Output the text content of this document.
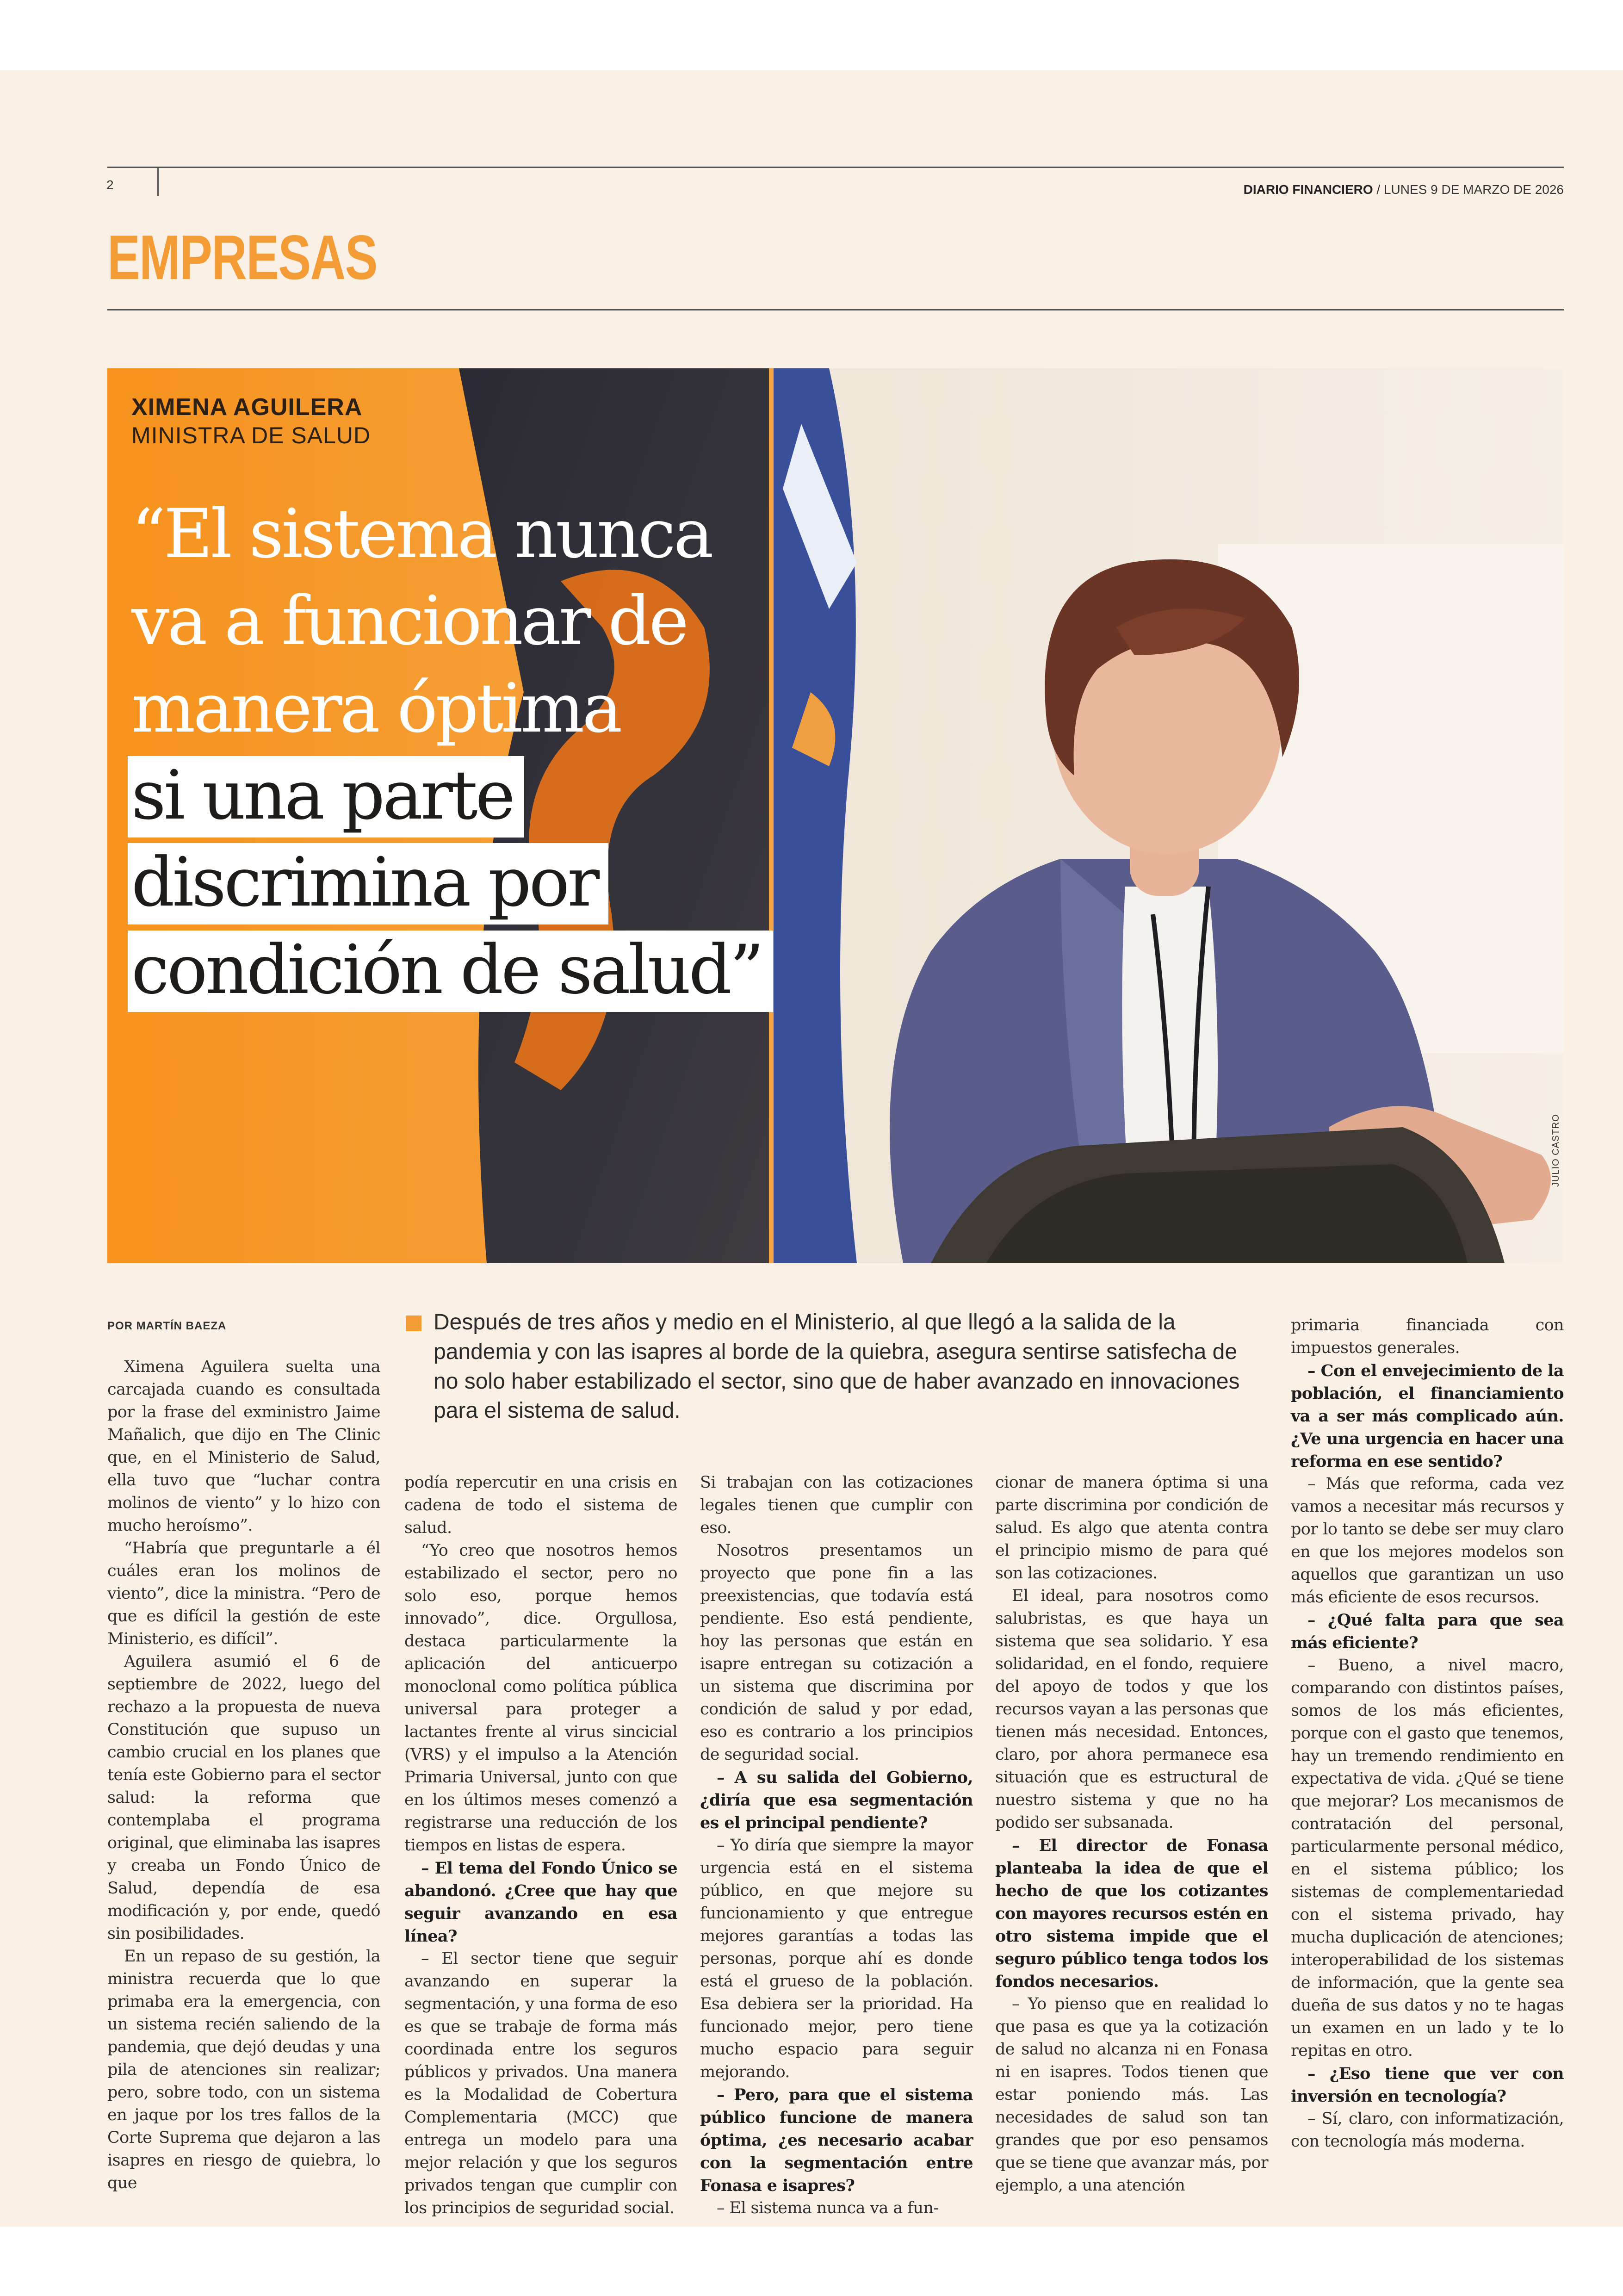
2	DIARIO FINANCIERO / LUNES 9 DE MARZO DE 2026
EMPRESAS
JULIO CASTRO
XIMENA AGUILERA
MINISTRA DE SALUD
“El sistema nunca va a funcionar de manera óptima
si una parte discrimina por condición de salud”
POR MARTÍN BAEZA	Después de tres años y medio en el Ministerio, al que llegó a la salida de la pandemia y con las isapres al borde de la quiebra, asegura sentirse satisfecha de no solo haber estabilizado el sector, sino que de haber avanzado en innovaciones para el sistema de salud.

Ximena Aguilera suelta una carcajada cuando es consultada por la frase del exministro Jaime Mañalich, que dijo en The Clinic que, en el Ministerio de Salud, ella tuvo que “luchar contra molinos de viento” y lo hizo con mucho heroísmo”.

“Habría que preguntarle a él cuáles eran los molinos de viento”, dice la ministra. “Pero de que es difícil la gestión de este Ministerio, es difícil”.

Aguilera asumió el 6 de septiembre de 2022, luego del rechazo a la propuesta de nueva Constitución que supuso un cambio crucial en los planes que tenía este Gobierno para el sector salud: la reforma que contemplaba el programa original, que eliminaba las isapres y creaba un Fondo Único de Salud, dependía de esa modificación y, por ende, quedó sin posibilidades.

En un repaso de su gestión, la ministra recuerda que lo que primaba era la emergencia, con un sistema recién saliendo de la pandemia, que dejó deudas y una pila de atenciones sin realizar; pero, sobre todo, con un sistema en jaque por los tres fallos de la Corte Suprema que dejaron a las isapres en riesgo de quiebra, lo que

podía repercutir en una crisis en cadena de todo el sistema de salud.

“Yo creo que nosotros hemos estabilizado el sector, pero no solo eso, porque hemos innovado”, dice. Orgullosa, destaca particularmente la aplicación del anticuerpo monoclonal como política pública universal para proteger a lactantes frente al virus sincicial (VRS) y el impulso a la Atención Primaria Universal, junto con que en los últimos meses comenzó a registrarse una reducción de los tiempos en listas de espera.

– El tema del Fondo Único se abandonó. ¿Cree que hay que seguir avanzando en esa línea?

– El sector tiene que seguir avanzando en superar la segmentación, y una forma de eso es que se trabaje de forma más coordinada entre los seguros públicos y privados. Una manera es la Modalidad de Cobertura Complementaria (MCC) que entrega un modelo para una mejor relación y que los seguros privados tengan que cumplir con los principios de seguridad social.

Si trabajan con las cotizaciones legales tienen que cumplir con eso.

Nosotros presentamos un proyecto que pone fin a las preexistencias, que todavía está pendiente. Eso está pendiente, hoy las personas que están en isapre entregan su cotización a un sistema que discrimina por condición de salud y por edad, eso es contrario a los principios de seguridad social.

– A su salida del Gobierno, ¿diría que esa segmentación es el principal pendiente?

– Yo diría que siempre la mayor urgencia está en el sistema público, en que mejore su funcionamiento y que entregue mejores garantías a todas las personas, porque ahí es donde está el grueso de la población. Esa debiera ser la prioridad. Ha funcionado mejor, pero tiene mucho espacio para seguir mejorando.

– Pero, para que el sistema público funcione de manera óptima, ¿es necesario acabar con la segmentación entre Fonasa e isapres?

– El sistema nunca va a fun-

cionar de manera óptima si una parte discrimina por condición de salud. Es algo que atenta contra el principio mismo de para qué son las cotizaciones.

El ideal, para nosotros como salubristas, es que haya un sistema que sea solidario. Y esa solidaridad, en el fondo, requiere del apoyo de todos y que los recursos vayan a las personas que tienen más necesidad. Entonces, claro, por ahora permanece esa situación que es estructural de nuestro sistema y que no ha podido ser subsanada.

– El director de Fonasa planteaba la idea de que el hecho de que los cotizantes con mayores recursos estén en otro sistema impide que el seguro público tenga todos los fondos necesarios.

– Yo pienso que en realidad lo que pasa es que ya la cotización de salud no alcanza ni en Fonasa ni en isapres. Todos tienen que estar poniendo más. Las necesidades de salud son tan grandes que por eso pensamos que se tiene que avanzar más, por ejemplo, a una atención

primaria financiada con impuestos generales.

– Con el envejecimiento de la población, el financiamiento va a ser más complicado aún. ¿Ve una urgencia en hacer una reforma en ese sentido?

– Más que reforma, cada vez vamos a necesitar más recursos y por lo tanto se debe ser muy claro en que los mejores modelos son aquellos que garantizan un uso más eficiente de esos recursos.

– ¿Qué falta para que sea más eficiente?

– Bueno, a nivel macro, comparando con distintos países, somos de los más eficientes, porque con el gasto que tenemos, hay un tremendo rendimiento en expectativa de vida. ¿Qué se tiene que mejorar? Los mecanismos de contratación del personal, particularmente personal médico, en el sistema público; los sistemas de complementariedad con el sistema privado, hay mucha duplicación de atenciones; interoperabilidad de los sistemas de información, que la gente sea dueña de sus datos y no te hagas un examen en un lado y te lo repitas en otro.

– ¿Eso tiene que ver con inversión en tecnología?

– Sí, claro, con informatización, con tecnología más moderna.
